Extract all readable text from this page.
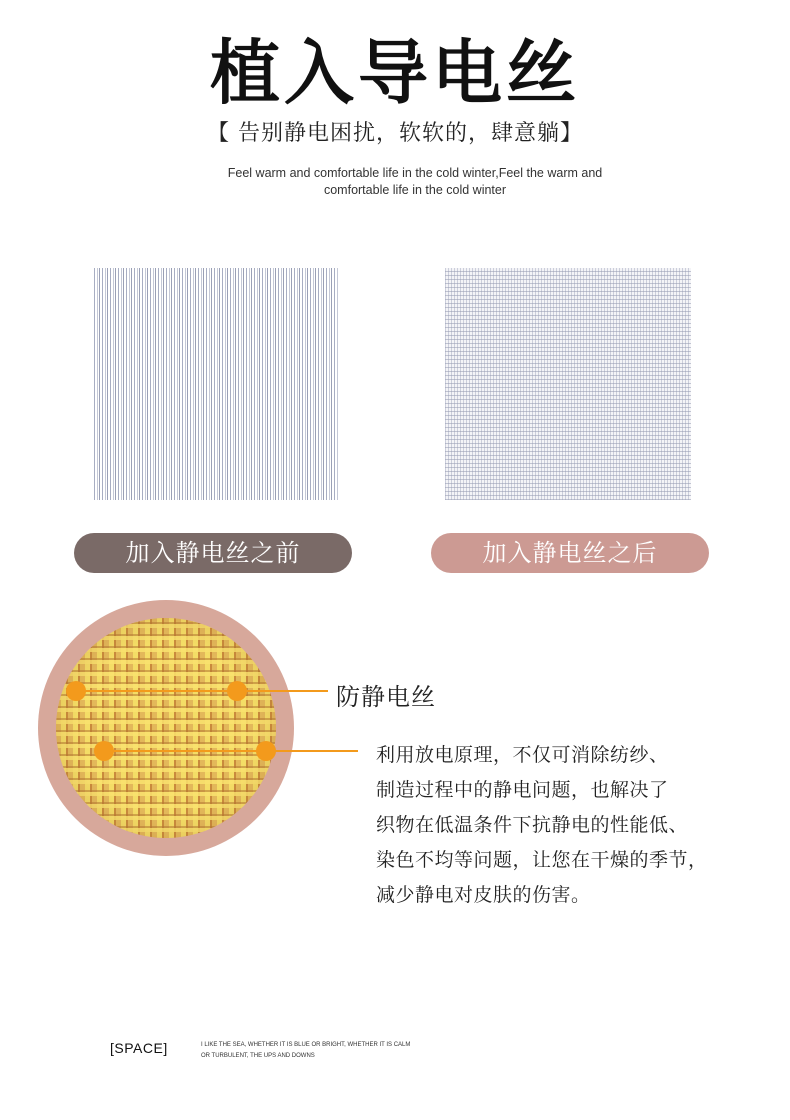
植入导电丝
【 告别静电困扰，软软的，肆意躺】
Feel warm and comfortable life in the cold winter,Feel the warm and
comfortable life in the cold winter
加入静电丝之前	加入静电丝之后
防静电丝
利用放电原理，不仅可消除纺纱、
制造过程中的静电问题，也解决了
织物在低温条件下抗静电的性能低、
染色不均等问题，让您在干燥的季节，
减少静电对皮肤的伤害。
[SPACE]	I LIKE THE SEA, WHETHER IT IS BLUE OR BRIGHT, WHETHER IT IS CALM
OR TURBULENT, THE UPS AND DOWNS
